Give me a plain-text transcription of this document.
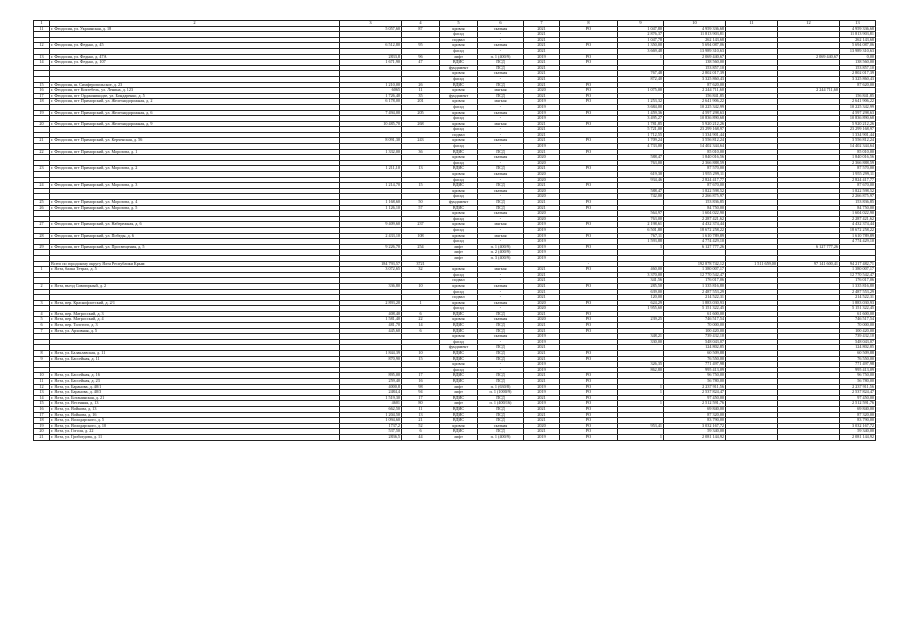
1	2	3	4	5	6	7	8	9	10	11	12	13
11	г. Феодосия, ул. Украинская, д. 18	5 057,60	87	кровля	скатная	2021	РО	1 047,80	4 959 336,68			4 959 336,68
				фасад	-	2021		2 876,37	11 813 903,81			11 813 903,81
				подвал	-	2021		1 047,78	262 143,68			262 143,68
12	г. Феодосия, ул. Федько, д. 45	6 512,80	95	кровля	скатная	2021	РО	1 350,00	5 694 087,06			5 694 087,06
				фасад	-	2021		3 669,48	13 989 310,63			13 989 310,63
13	г. Феодосия, ул. Федько, д. 47А	2833,8	96	лифт	п. 1 (400/9)	2019	РО	1	2 069 440,67		2 069 440,67	0,00
14	г. Феодосия, ул. Федько, д. 107	1 671,90	47	ВДИС	ПСД	2021	РО		138 560,00			138 560,00
				фундамент	ПСД	2021			153 857,10			153 857,10
				кровля	скатная	2021		767,48	2 802 017,39			2 802 017,39
				фасад	-	2021		872,40	3 325 860,43			3 325 860,43
15	г. Феодосия, ш. Симферопольское, д. 23	1 210,00	26	ВДИС	ПСД	2021	РО		87 620,00			87 620,00
16	г. Феодосия, пгт Коктебель, ул. Ленина, д. 123	6065	11	кровля	мягкая	2020	РО	1 075,00	2 244 711,60		2 244 711,60	
17	г. Феодосия, пгт Орджоникидзе, ул. Бондаренко, д. 5	1 726,40	35	фундамент	ПСД	2021	РО		156 841,85			156 841,85
18	г. Феодосия, пгт Приморский, ул. Железнодорожная, д. 2	6 178,00	201	кровля	мягкая	2019	РО	1 253,32	2 641 906,22			2 641 906,22
				фасад	-	2019		3 684,00	10 225 342,99			10 225 342,99
19	г. Феодосия, пгт Приморский, ул. Железнодорожная, д. 6	7 494,00	205	кровля	скатная	2019	РО	1 459,36	4 597 298,63			4 597 298,63
				фасад	-	2019		3 495,27	10 836 890,68			10 836 890,68
20	г. Феодосия, пгт Приморский, ул. Железнодорожная, д. 9	10 485,70	268	кровля	мягкая	2021	РО	1 781,85	5 920 212,26			5 920 212,26
				фасад	-	2021		5 721,00	23 299 168,97			23 299 168,97
				подвал	-	2021		1 712,55	1 334 901,44			1 334 901,44
21	г. Феодосия, пгт Приморский, ул. Керченская, д. 56	8 091,30	243	кровля	скатная	2021	РО	1 709,24	3 556 812,24			3 556 812,24
				фасад	-	2019		4 733,00	14 402 344,64			14 402 344,64
22	г. Феодосия, пгт Приморский, ул. Морозова, д. 1	1 332,00	36	ВДИС	ПСД	2021	РО		85 010,00			85 010,00
				кровля	скатная	2020		588,47	1 840 016,56			1 840 016,56
				фасад	-	2020		763,00	2 366 888,59			2 366 888,59
23	г. Феодосия, пгт Приморский, ул. Морозова, д. 2	1 211,10	13	ВДИС	ПСД	2021	РО		87 570,00			87 570,00
				кровля	скатная	2020		619,30	1 955 299,11			1 955 299,11
				фасад	-	2020		934,46	2 824 417,77			2 824 417,77
24	г. Феодосия, пгт Приморский, ул. Морозова, д. 3	1 214,70	15	ВДИС	ПСД	2021	РО		87 670,00			87 670,00
				кровля	скатная	2020		588,47	1 822 598,52			1 822 598,52
				фасад	-	2020		742,00	2 266 875,97			2 266 875,97
25	г. Феодосия, пгт Приморский, ул. Морозова, д. 4	1 168,60	50	фундамент	ПСД	2021	РО		153 836,85			153 836,85
26	г. Феодосия, пгт Приморский, ул. Морозова, д. 5	1 126,10	57	ВДИС	ПСД	2021	РО		84 750,00			84 750,00
				кровля	скатная	2020		564,97	1 604 022,90			1 604 022,90
				фасад	-	2020		763,00	2 287 421,62			2 287 421,62
27	г. Феодосия, пгт Приморский, ул. Набережная, д. 6	9 409,60	237	кровля	мягкая	2019	РО	2 198,61	4 432 374,44			4 432 374,44
				фасад	-	2019		6 501,80	18 672 258,22			18 672 258,22
28	г. Феодосия, пгт Приморский, ул. Победы, д. 6	2 433,10	108	кровля	мягкая	2019	РО	767,11	1 610 789,89			1 610 789,89
				фасад	-	2019		1 593,88	4 774 429,10			4 774 429,10
29	г. Феодосия, пгт Приморский, ул. Просвещения, д. 5	9 226,70	254	лифт	п. 1 (400/9)	2019	РО	3	6 127 777,26		6 127 777,26	
				лифт	п. 2 (400/9)	2019						
				лифт	п. 3 (400/9)	2019						
	Всего по городскому округу Ялта Республики Крым:	184 793,57	3721				-		192 878 742,12	1 511 659,00	97 141 600,41	94 217 482,71
1	г. Ялта, балка Тетрал, д. 5	3 072,65	32	кровля	мягкая	2021	РО	460,00	1 380 007,17			1 380 007,17
				фасад	-	2021		3 370,00	12 770 542,47			12 770 542,47
				подвал	-	2021		341,56	176 017,06			176 017,06
2	г. Ялта, въезд Сиваторный, д. 2	336,80	10	кровля	скатная	2021	РО	285,50	1 335 816,80			1 335 816,80
				фасад	-	2021		639,00	2 487 553,29			2 487 553,29
				подвал	-	2021		120,00	214 522,31			214 522,31
3	г. Ялта, пер. Краснофлотский, д. 2/1	2 893,20	1	кровля	скатная	2020	РО	624,29	1 883 030,93			1 883 030,93
				фасад	-	2020		1 955,60	5 151 322,45			5 151 322,45
4	г. Ялта, пер. Матросский, д. 3	408,40	6	ВДИС	ПСД	2021	РО		61 600,00			61 600,00
5	г. Ялта, пер. Матросский, д. 4	1 581,40	22	кровля	скатная	2020	РО	239,25	746 517,54			746 517,54
6	г. Ялта, пер. Толстого, д. 3	481,70	14	ВДИС	ПСД	2021	РО		70 000,00			70 000,00
7	г. Ялта, ул. Архивная, д. 5	445,60	6	ВДИС	ПСД	2021	РО		100 420,00			100 420,00
				кровля	скатная	2019		348,21	739 432,10			739 432,10
				фасад	-	2019		330,00	548 043,07			548 043,07
				фундамент	ПСД	2021			124 802,85			124 802,85
8	г. Ялта, ул. Балаклавская, д. 11	1 844,39	10	ВДИС	ПСД	2021	РО		60 509,88			60 509,88
9	г. Ялта, ул. Бассейная, д. 11	870,90	15	ВДИС	ПСД	2021	РО		76 550,00			76 550,00
				кровля	-	2019		326,35	771 497,98			771 497,98
				фасад	-	2019		862,80	995 413,09			995 413,09
10	г. Ялта, ул. Бассейная, д. 16	895,00	17	ВДИС	ПСД	2021	РО		96 750,00			96 750,00
11	г. Ялта, ул. Бассейная, д. 23	259,40	16	ВДИС	ПСД	2021	РО		56 780,00			56 780,00
12	г. Ялта, ул. Баранова, д. 40/1	4000,8	98	лифт	п. 1 (630/8)	2019	РО	1	2 237 911,56			2 237 911,56
13	г. Ялта, ул. Баранова, д. 40/3	2484,4	94	лифт	п. 1 (1000/9)	2019	РО	1	2 537 824,47			2 537 824,47
14	г. Ялта, ул. Ботанинская, д. 21	1 519,30	17	ВДИС	ПСД	2021	РО		97 450,00			97 450,00
15	г. Ялта, ул. Весенняя, д. 13	4601	80	лифт	п. 1 (400/16)	2019	РО	1	2 512 591,76			2 512 591,76
16	г. Ялта, ул. Войкова, д. 13	662,50	11	ВДИС	ПСД	2021	РО		69 840,00			69 840,00
17	г. Ялта, ул. Войкова, д. 16	1 204,50	13	ВДИС	ПСД	2021	РО		87 320,00			87 320,00
18	г. Ялта, ул. Володарского, д. 5	1 094,60	21	ВДИС	ПСД	2021	РО		83 790,00			83 790,00
19	г. Ялта, ул. Володарского, д. 10	1737,2	52	кровля	скатная	2020	РО	953,41	3 032 167,72			3 032 167,72
20	г. Ялта, ул. Гоголя, д. 22	537,50	6	ВДИС	ПСД	2021	РО		59 340,00			59 340,00
21	г. Ялта, ул. Грибоедова, д. 11	2836,5	44	лифт	п. 1 (400/9)	2019	РО	1	2 081 144,92			2 081 144,92
